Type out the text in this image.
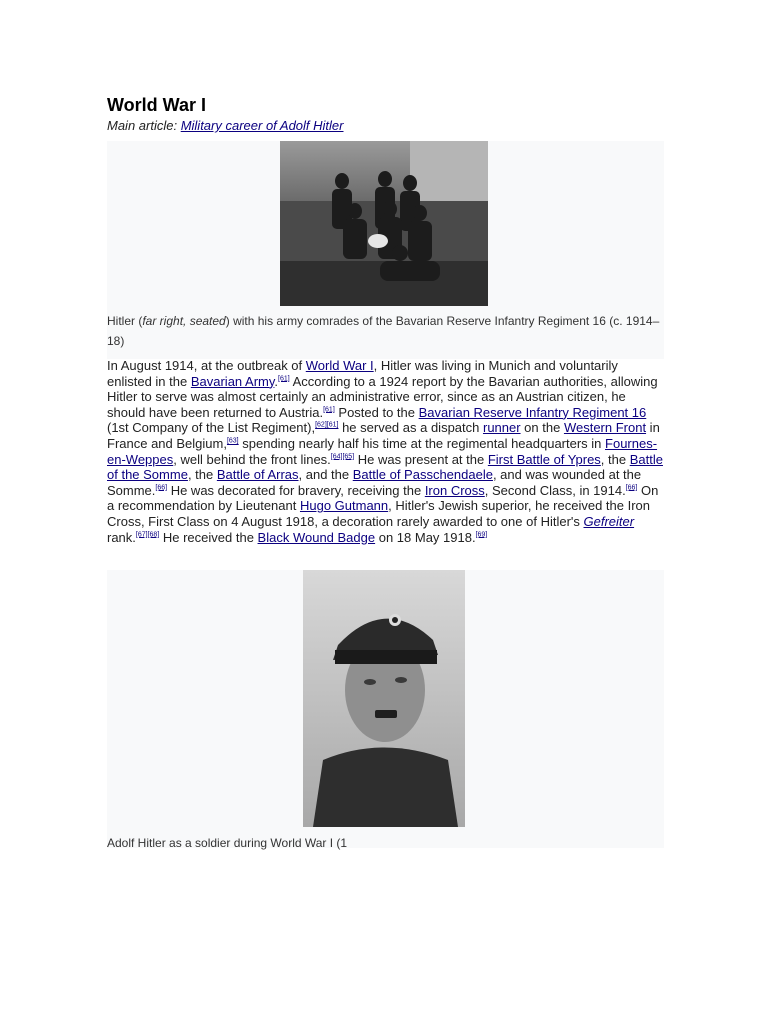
World War I
Main article: Military career of Adolf Hitler
Hitler (far right, seated) with his army comrades of the Bavarian Reserve Infantry Regiment 16 (c. 1914–18)

In August 1914, at the outbreak of World War I, Hitler was living in Munich and voluntarily enlisted in the Bavarian Army.[61] According to a 1924 report by the Bavarian authorities, allowing Hitler to serve was almost certainly an administrative error, since as an Austrian citizen, he should have been returned to Austria.[61] Posted to the Bavarian Reserve Infantry Regiment 16 (1st Company of the List Regiment),[62][61] he served as a dispatch runner on the Western Front in France and Belgium,[63] spending nearly half his time at the regimental headquarters in Fournes-en-Weppes, well behind the front lines.[64][65] He was present at the First Battle of Ypres, the Battle of the Somme, the Battle of Arras, and the Battle of Passchendaele, and was wounded at the Somme.[66] He was decorated for bravery, receiving the Iron Cross, Second Class, in 1914.[66] On a recommendation by Lieutenant Hugo Gutmann, Hitler's Jewish superior, he received the Iron Cross, First Class on 4 August 1918, a decoration rarely awarded to one of Hitler's Gefreiter rank.[67][68] He received the Black Wound Badge on 18 May 1918.[69]

Adolf Hitler as a soldier during World War I (1
